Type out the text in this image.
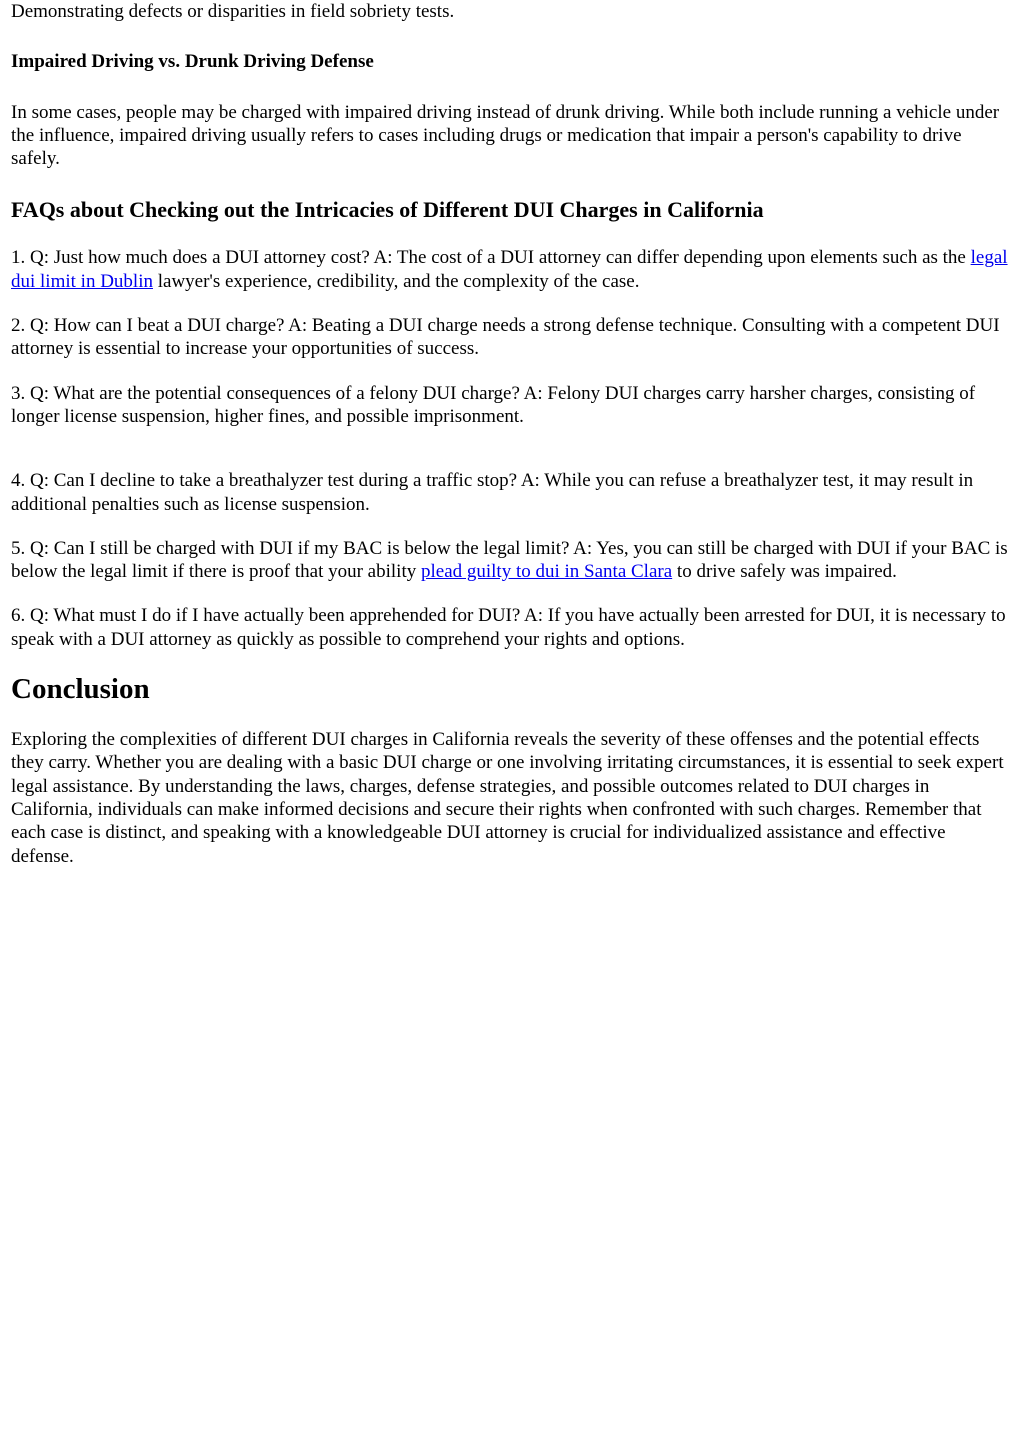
Demonstrating defects or disparities in field sobriety tests.

Impaired Driving vs. Drunk Driving Defense

In some cases, people may be charged with impaired driving instead of drunk driving. While both include running a vehicle under the influence, impaired driving usually refers to cases including drugs or medication that impair a person's capability to drive safely.

FAQs about Checking out the Intricacies of Different DUI Charges in California

1. Q: Just how much does a DUI attorney cost? A: The cost of a DUI attorney can differ depending upon elements such as the legal dui limit in Dublin lawyer's experience, credibility, and the complexity of the case.

2. Q: How can I beat a DUI charge? A: Beating a DUI charge needs a strong defense technique. Consulting with a competent DUI attorney is essential to increase your opportunities of success.

3. Q: What are the potential consequences of a felony DUI charge? A: Felony DUI charges carry harsher charges, consisting of longer license suspension, higher fines, and possible imprisonment.

4. Q: Can I decline to take a breathalyzer test during a traffic stop? A: While you can refuse a breathalyzer test, it may result in additional penalties such as license suspension.

5. Q: Can I still be charged with DUI if my BAC is below the legal limit? A: Yes, you can still be charged with DUI if your BAC is below the legal limit if there is proof that your ability plead guilty to dui in Santa Clara to drive safely was impaired.

6. Q: What must I do if I have actually been apprehended for DUI? A: If you have actually been arrested for DUI, it is necessary to speak with a DUI attorney as quickly as possible to comprehend your rights and options.

Conclusion

Exploring the complexities of different DUI charges in California reveals the severity of these offenses and the potential effects they carry. Whether you are dealing with a basic DUI charge or one involving irritating circumstances, it is essential to seek expert legal assistance. By understanding the laws, charges, defense strategies, and possible outcomes related to DUI charges in California, individuals can make informed decisions and secure their rights when confronted with such charges. Remember that each case is distinct, and speaking with a knowledgeable DUI attorney is crucial for individualized assistance and effective defense.
